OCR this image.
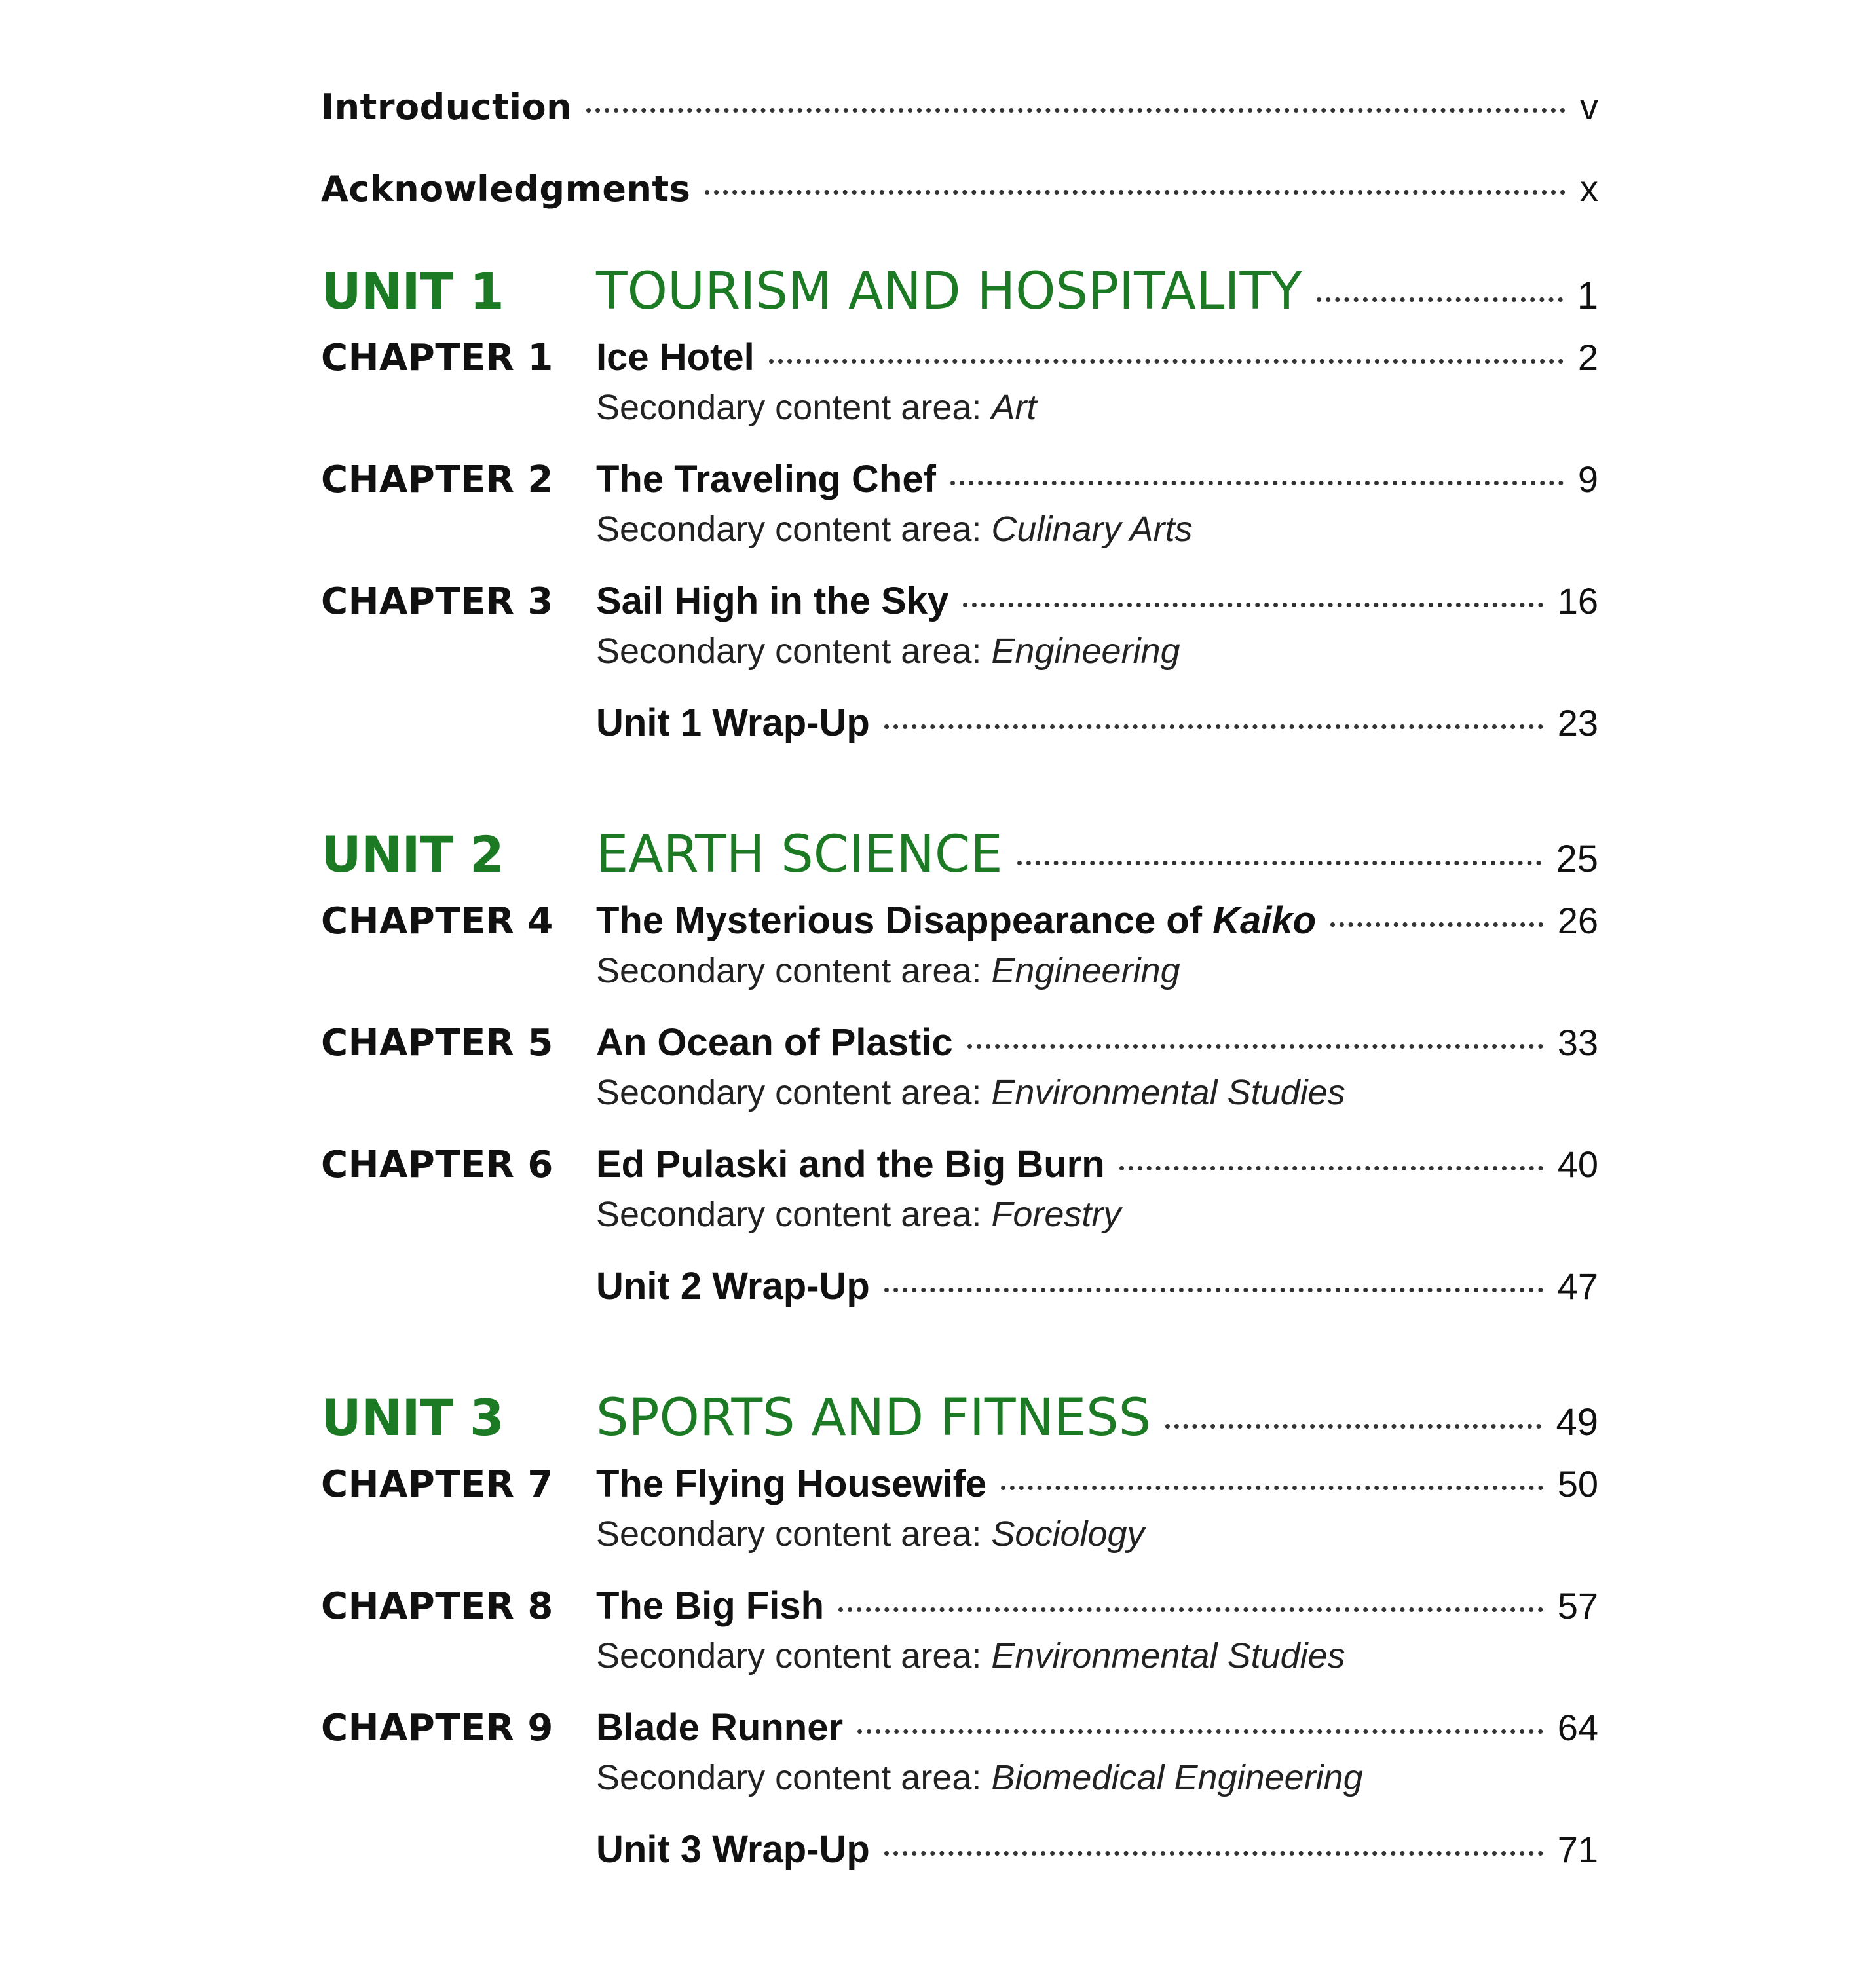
Introduction	v
Acknowledgments	x
UNIT 1	TOURISM AND HOSPITALITY	1
CHAPTER 1	Ice Hotel	2
Secondary content area: Art
CHAPTER 2	The Traveling Chef	9
Secondary content area: Culinary Arts
CHAPTER 3	Sail High in the Sky	16
Secondary content area: Engineering
Unit 1 Wrap-Up	23
UNIT 2	EARTH SCIENCE	25
CHAPTER 4	The Mysterious Disappearance of Kaiko	26
Secondary content area: Engineering
CHAPTER 5	An Ocean of Plastic	33
Secondary content area: Environmental Studies
CHAPTER 6	Ed Pulaski and the Big Burn	40
Secondary content area: Forestry
Unit 2 Wrap-Up	47
UNIT 3	SPORTS AND FITNESS	49
CHAPTER 7	The Flying Housewife	50
Secondary content area: Sociology
CHAPTER 8	The Big Fish	57
Secondary content area: Environmental Studies
CHAPTER 9	Blade Runner	64
Secondary content area: Biomedical Engineering
Unit 3 Wrap-Up	71
